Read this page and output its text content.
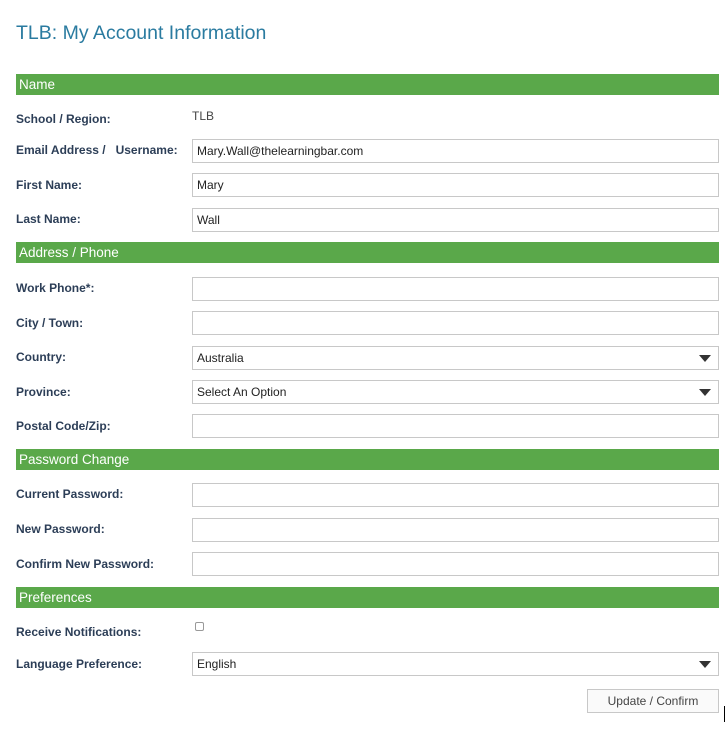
TLB: My Account Information
Name
School / Region:	TLB
Email Address /   Username:	Mary.Wall@thelearningbar.com
First Name:	Mary
Last Name:	Wall
Address / Phone
Work Phone*:
City / Town:
Country:	Australia
Province:	Select An Option
Postal Code/Zip:
Password Change
Current Password:
New Password:
Confirm New Password:
Preferences
Receive Notifications:
Language Preference:	English
Update / Confirm
